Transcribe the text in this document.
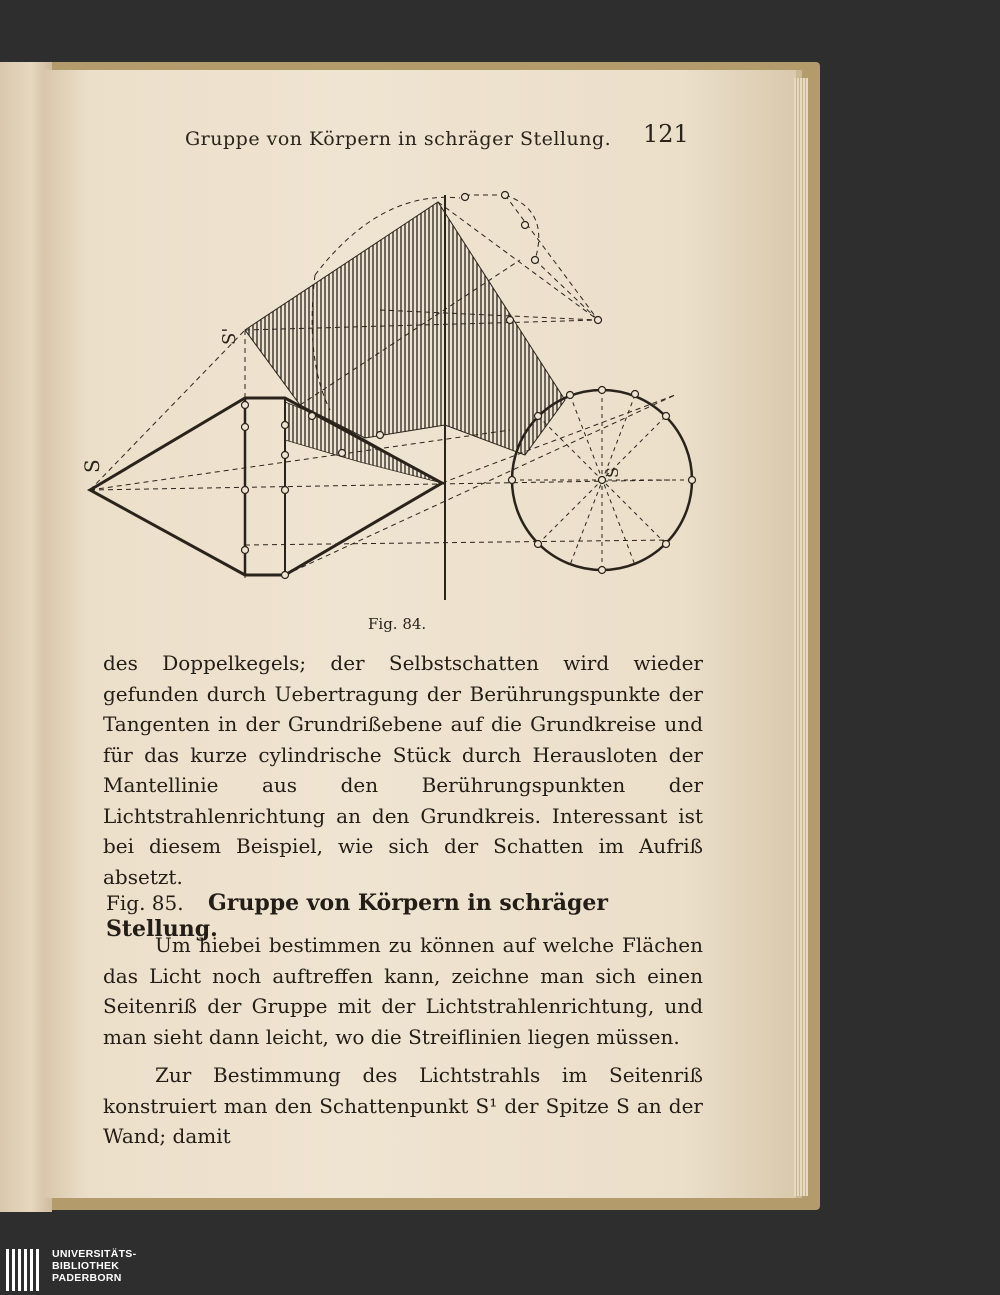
Gruppe von Körpern in schräger Stellung. 121
S
S'
S
Fig. 84.
des Doppelkegels; der Selbstschatten wird wieder gefunden durch Uebertragung der Berührungspunkte der Tangenten in der Grundrißebene auf die Grundkreise und für das kurze cylindrische Stück durch Herausloten der Mantellinie aus den Berührungspunkten der Lichtstrahlenrichtung an den Grundkreis. Interessant ist bei diesem Beispiel, wie sich der Schatten im Aufriß absetzt.
Fig. 85. Gruppe von Körpern in schräger Stellung.
Um hiebei bestimmen zu können auf welche Flächen das Licht noch auftreffen kann, zeichne man sich einen Seitenriß der Gruppe mit der Lichtstrahlenrichtung, und man sieht dann leicht, wo die Streiflinien liegen müssen.
Zur Bestimmung des Lichtstrahls im Seitenriß konstruiert man den Schattenpunkt S¹ der Spitze S an der Wand; damit
UNIVERSITÄTS-
BIBLIOTHEK
PADERBORN
